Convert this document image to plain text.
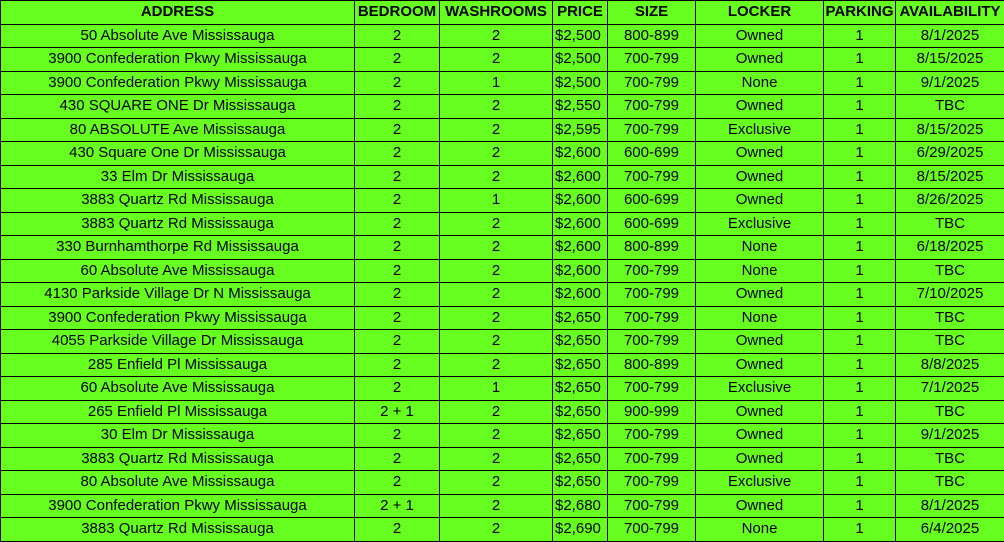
ADDRESS	BEDROOM	WASHROOMS	PRICE	SIZE	LOCKER	PARKING	AVAILABILITY
50 Absolute Ave Mississauga	2	2	$2,500	800-899	Owned	1	8/1/2025
3900 Confederation Pkwy Mississauga	2	2	$2,500	700-799	Owned	1	8/15/2025
3900 Confederation Pkwy Mississauga	2	1	$2,500	700-799	None	1	9/1/2025
430 SQUARE ONE Dr Mississauga	2	2	$2,550	700-799	Owned	1	TBC
80 ABSOLUTE Ave Mississauga	2	2	$2,595	700-799	Exclusive	1	8/15/2025
430 Square One Dr Mississauga	2	2	$2,600	600-699	Owned	1	6/29/2025
33 Elm Dr Mississauga	2	2	$2,600	700-799	Owned	1	8/15/2025
3883 Quartz Rd Mississauga	2	1	$2,600	600-699	Owned	1	8/26/2025
3883 Quartz Rd Mississauga	2	2	$2,600	600-699	Exclusive	1	TBC
330 Burnhamthorpe Rd Mississauga	2	2	$2,600	800-899	None	1	6/18/2025
60 Absolute Ave Mississauga	2	2	$2,600	700-799	None	1	TBC
4130 Parkside Village Dr N Mississauga	2	2	$2,600	700-799	Owned	1	7/10/2025
3900 Confederation Pkwy Mississauga	2	2	$2,650	700-799	None	1	TBC
4055 Parkside Village Dr Mississauga	2	2	$2,650	700-799	Owned	1	TBC
285 Enfield Pl Mississauga	2	2	$2,650	800-899	Owned	1	8/8/2025
60 Absolute Ave Mississauga	2	1	$2,650	700-799	Exclusive	1	7/1/2025
265 Enfield Pl Mississauga	2 + 1	2	$2,650	900-999	Owned	1	TBC
30 Elm Dr Mississauga	2	2	$2,650	700-799	Owned	1	9/1/2025
3883 Quartz Rd Mississauga	2	2	$2,650	700-799	Owned	1	TBC
80 Absolute Ave Mississauga	2	2	$2,650	700-799	Exclusive	1	TBC
3900 Confederation Pkwy Mississauga	2 + 1	2	$2,680	700-799	Owned	1	8/1/2025
3883 Quartz Rd Mississauga	2	2	$2,690	700-799	None	1	6/4/2025
